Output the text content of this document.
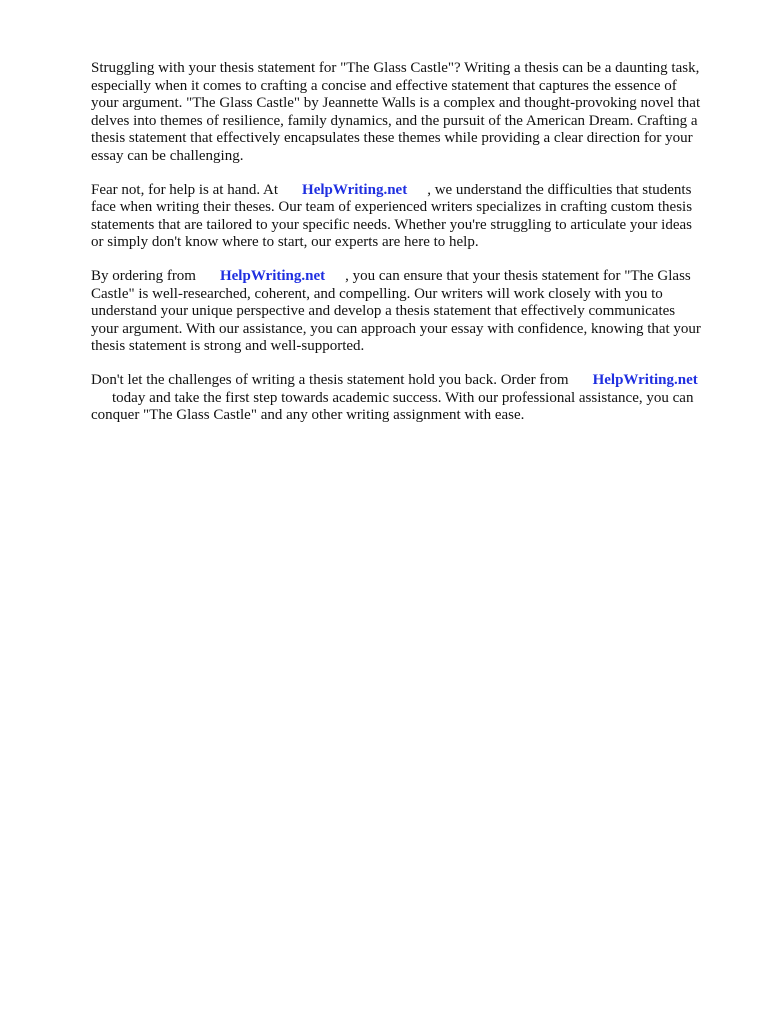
Struggling with your thesis statement for "The Glass Castle"? Writing a thesis can be a daunting task,
especially when it comes to crafting a concise and effective statement that captures the essence of
your argument. "The Glass Castle" by Jeannette Walls is a complex and thought-provoking novel that
delves into themes of resilience, family dynamics, and the pursuit of the American Dream. Crafting a
thesis statement that effectively encapsulates these themes while providing a clear direction for your
essay can be challenging.

Fear not, for help is at hand. At HelpWriting.net , we understand the difficulties that students
face when writing their theses. Our team of experienced writers specializes in crafting custom thesis
statements that are tailored to your specific needs. Whether you're struggling to articulate your ideas
or simply don't know where to start, our experts are here to help.

By ordering from HelpWriting.net , you can ensure that your thesis statement for "The Glass
Castle" is well-researched, coherent, and compelling. Our writers will work closely with you to
understand your unique perspective and develop a thesis statement that effectively communicates
your argument. With our assistance, you can approach your essay with confidence, knowing that your
thesis statement is strong and well-supported.

Don't let the challenges of writing a thesis statement hold you back. Order from HelpWriting.net
today and take the first step towards academic success. With our professional assistance, you can
conquer "The Glass Castle" and any other writing assignment with ease.
